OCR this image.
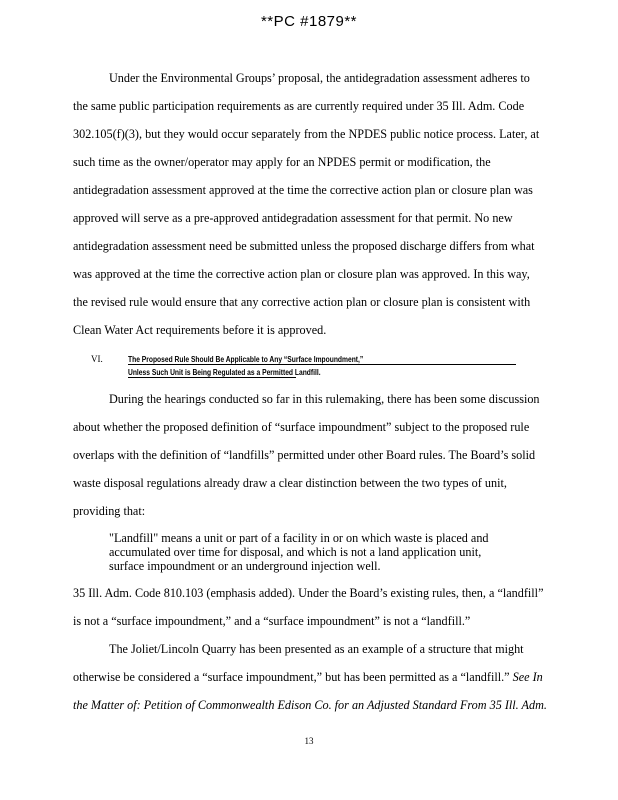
**PC #1879**
Under the Environmental Groups’ proposal, the antidegradation assessment adheres to
the same public participation requirements as are currently required under 35 Ill. Adm. Code
302.105(f)(3), but they would occur separately from the NPDES public notice process. Later, at
such time as the owner/operator may apply for an NPDES permit or modification, the
antidegradation assessment approved at the time the corrective action plan or closure plan was
approved will serve as a pre-approved antidegradation assessment for that permit. No new
antidegradation assessment need be submitted unless the proposed discharge differs from what
was approved at the time the corrective action plan or closure plan was approved. In this way,
the revised rule would ensure that any corrective action plan or closure plan is consistent with
Clean Water Act requirements before it is approved.
VI.	The Proposed Rule Should Be Applicable to Any “Surface Impoundment,”
Unless Such Unit is Being Regulated as a Permitted Landfill.
During the hearings conducted so far in this rulemaking, there has been some discussion
about whether the proposed definition of “surface impoundment” subject to the proposed rule
overlaps with the definition of “landfills” permitted under other Board rules. The Board’s solid
waste disposal regulations already draw a clear distinction between the two types of unit,
providing that:
"Landfill" means a unit or part of a facility in or on which waste is placed and
accumulated over time for disposal, and which is not a land application unit,
surface impoundment or an underground injection well.
35 Ill. Adm. Code 810.103 (emphasis added). Under the Board’s existing rules, then, a “landfill”
is not a “surface impoundment,” and a “surface impoundment” is not a “landfill.”
The Joliet/Lincoln Quarry has been presented as an example of a structure that might
otherwise be considered a “surface impoundment,” but has been permitted as a “landfill.” See In
the Matter of: Petition of Commonwealth Edison Co. for an Adjusted Standard From 35 Ill. Adm.
13
